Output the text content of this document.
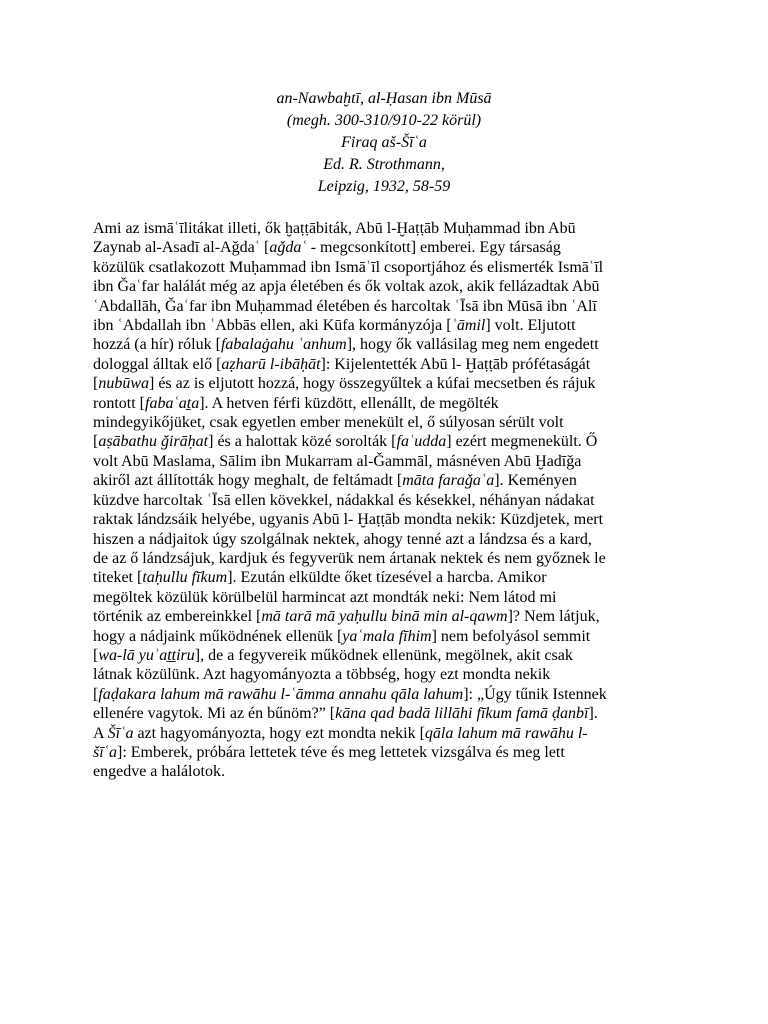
an-Nawbaḫtī, al-Ḥasan ibn Mūsā
(megh. 300-310/910-22 körül)
Firaq aš-Šīʿa
Ed. R. Strothmann,
Leipzig, 1932, 58-59
Ami az ismāʿīlitákat illeti, ők ḫaṭṭābiták, Abū l-Ḫaṭṭāb Muḥammad ibn Abū
Zaynab al-Asadī al-Aǧdaʿ [aǧdaʿ - megcsonkított] emberei. Egy társaság
közülük csatlakozott Muḥammad ibn Ismāʿīl csoportjához és elismerték Ismāʿīl
ibn Ǧaʿfar halálát még az apja életében és ők voltak azok, akik fellázadtak Abū
ʿAbdallāh, Ǧaʿfar ibn Muḥammad életében és harcoltak ʿĪsā ibn Mūsā ibn ʿAlī
ibn ʿAbdallah ibn ʿAbbās ellen, aki Kūfa kormányzója [ʿāmil] volt. Eljutott
hozzá (a hír) róluk [fabalaġahu ʿanhum], hogy ők vallásilag meg nem engedett
dologgal álltak elő [aẓharū l-ibāḥāt]: Kijelentették Abū l- Ḫaṭṭāb prófétaságát
[nubūwa] és az is eljutott hozzá, hogy összegyűltek a kúfai mecsetben és rájuk
rontott [fabaʿaṯa]. A hetven férfi küzdött, ellenállt, de megölték
mindegyikőjüket, csak egyetlen ember menekült el, ő súlyosan sérült volt
[aṣābathu ǧirāḥat] és a halottak közé sorolták [faʿudda] ezért megmenekült. Ő
volt Abū Maslama, Sālim ibn Mukarram al-Ǧammāl, másnéven Abū Ḫadīǧa
akiről azt állították hogy meghalt, de feltámadt [māta faraǧaʿa]. Keményen
küzdve harcoltak ʿĪsā ellen kövekkel, nádakkal és késekkel, néhányan nádakat
raktak lándzsáik helyébe, ugyanis Abū l- Ḫaṭṭāb mondta nekik: Küzdjetek, mert
hiszen a nádjaitok úgy szolgálnak nektek, ahogy tenné azt a lándzsa és a kard,
de az ő lándzsájuk, kardjuk és fegyverük nem ártanak nektek és nem győznek le
titeket [taḥullu fīkum]. Ezután elküldte őket tízesével a harcba. Amikor
megöltek közülük körülbelül harmincat azt mondták neki: Nem látod mi
történik az embereinkkel [mā tarā mā yaḥullu binā min al-qawm]? Nem látjuk,
hogy a nádjaink működnének ellenük [yaʿmala fīhim] nem befolyásol semmit
[wa-lā yuʾaṯṯiru], de a fegyvereik működnek ellenünk, megölnek, akit csak
látnak közülünk. Azt hagyományozta a többség, hogy ezt mondta nekik
[faḍakara lahum mā rawāhu l-ʿāmma annahu qāla lahum]: „Úgy tűnik Istennek
ellenére vagytok. Mi az én bűnöm?” [kāna qad badā lillāhi fīkum famā ḍanbī].
A Šīʿa azt hagyományozta, hogy ezt mondta nekik [qāla lahum mā rawāhu l-
šīʿa]: Emberek, próbára lettetek téve és meg lettetek vizsgálva és meg lett
engedve a halálotok.
